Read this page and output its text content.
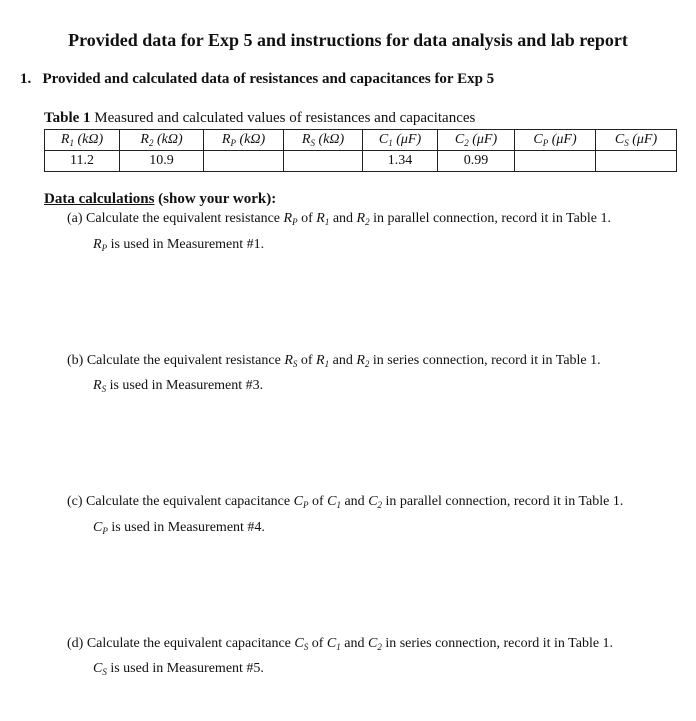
Provided data for Exp 5 and instructions for data analysis and lab report
1. Provided and calculated data of resistances and capacitances for Exp 5
Table 1 Measured and calculated values of resistances and capacitances
$R_1$ (kΩ)	$R_2$ (kΩ)	$R_P$ (kΩ)	$R_S$ (kΩ)	$C_1$ (μF)	$C_2$ (μF)	$C_P$ (μF)	$C_S$ (μF)
11.2	10.9			1.34	0.99		
Data calculations (show your work):
(a) Calculate the equivalent resistance $R_P$ of $R_1$ and $R_2$ in parallel connection, record it in Table 1.
$R_P$ is used in Measurement #1.
(b) Calculate the equivalent resistance $R_S$ of $R_1$ and $R_2$ in series connection, record it in Table 1.
$R_S$ is used in Measurement #3.
(c) Calculate the equivalent capacitance $C_P$ of $C_1$ and $C_2$ in parallel connection, record it in Table 1.
$C_P$ is used in Measurement #4.
(d) Calculate the equivalent capacitance $C_S$ of $C_1$ and $C_2$ in series connection, record it in Table 1.
$C_S$ is used in Measurement #5.
